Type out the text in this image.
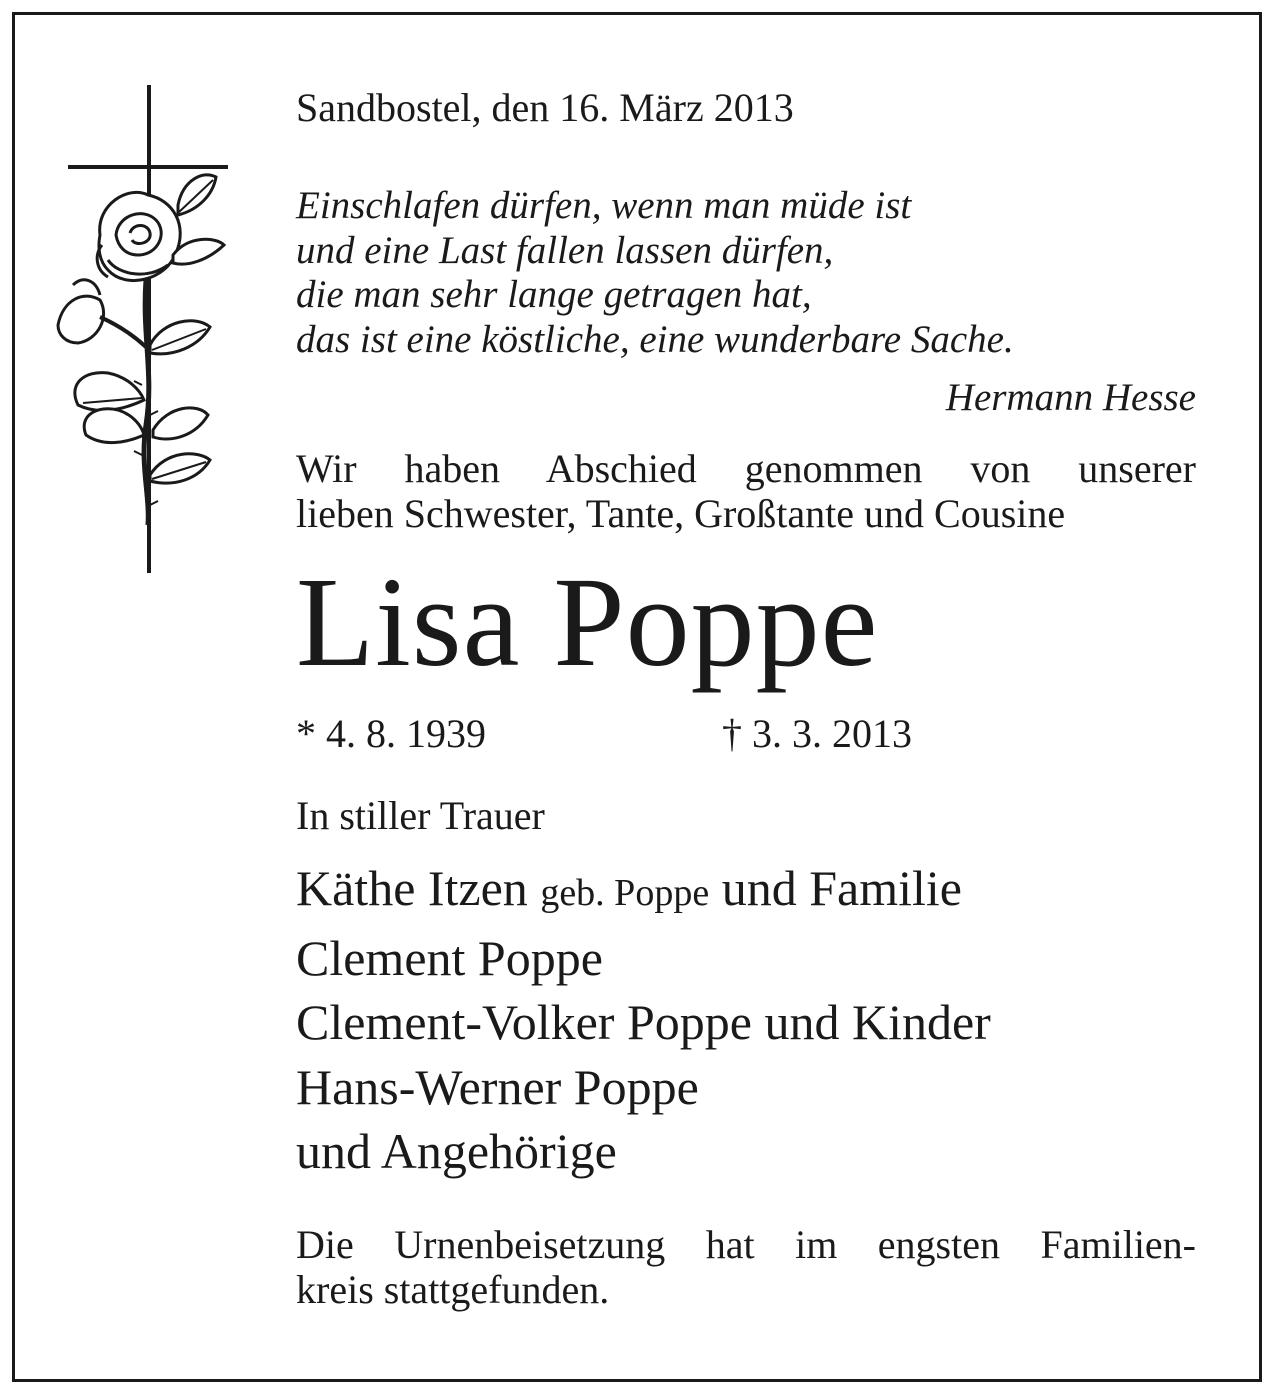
Sandbostel, den 16. März 2013

Einschlafen dürfen, wenn man müde ist
und eine Last fallen lassen dürfen,
die man sehr lange getragen hat,
das ist eine köstliche, eine wunderbare Sache.
Hermann Hesse
Wir haben Abschied genommen von unserer
lieben Schwester, Tante, Großtante und Cousine
Lisa Poppe
* 4. 8. 1939	† 3. 3. 2013
In stiller Trauer
Käthe Itzen geb. Poppe und Familie
Clement Poppe
Clement-Volker Poppe und Kinder
Hans-Werner Poppe
und Angehörige
Die Urnenbeisetzung hat im engsten Familien-
kreis stattgefunden.
